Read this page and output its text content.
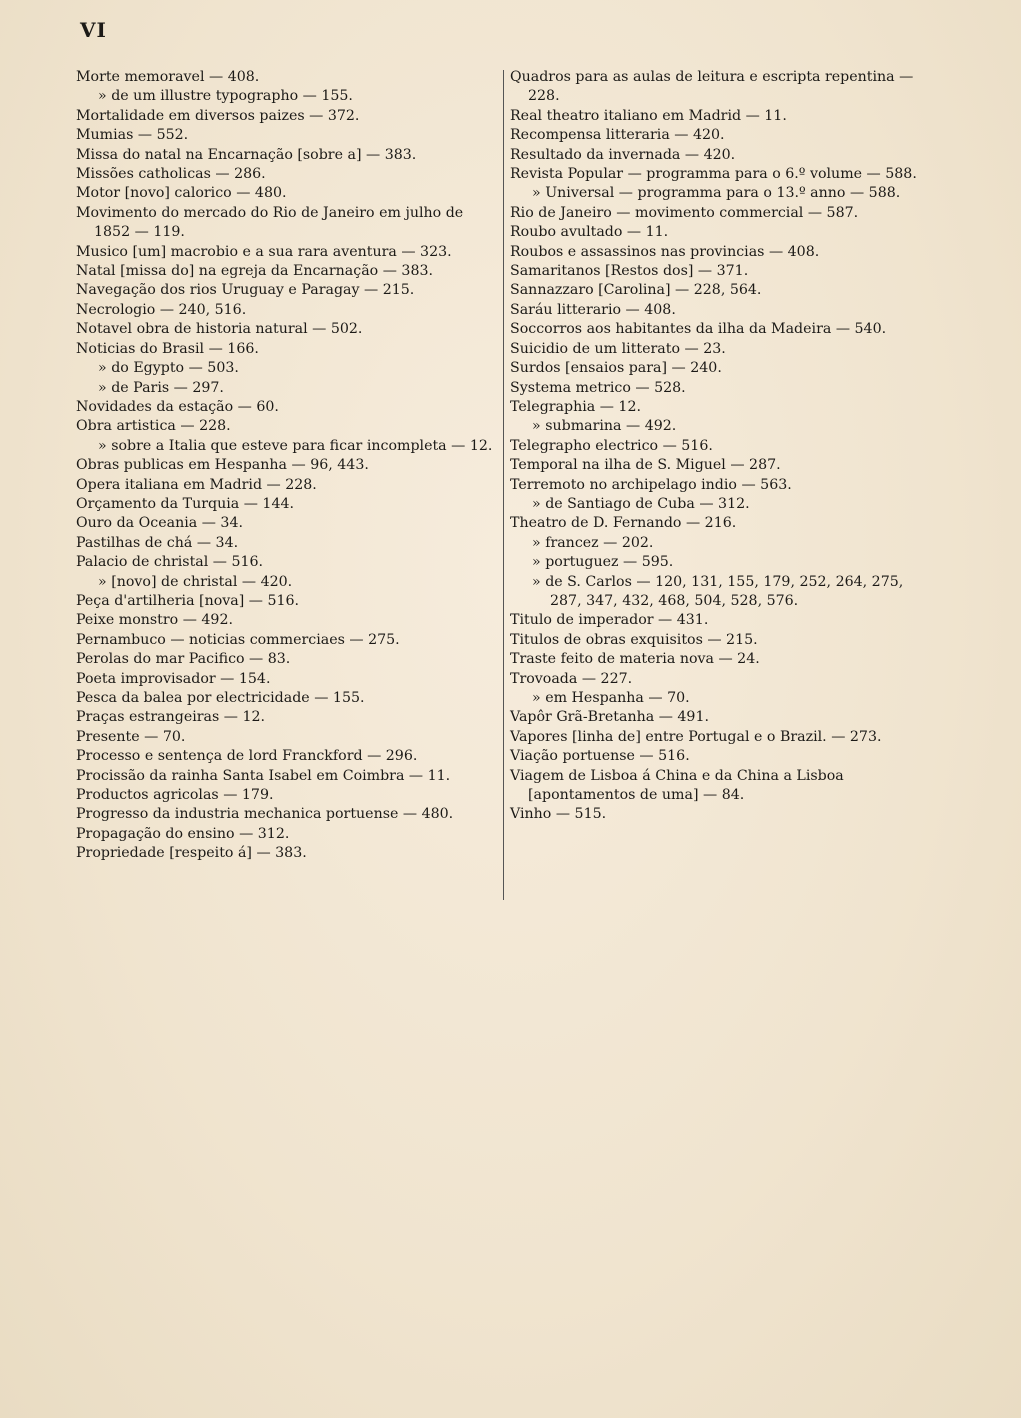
VI

Morte memoravel — 408.

» de um illustre typographo — 155.

Mortalidade em diversos paizes — 372.

Mumias — 552.

Missa do natal na Encarnação [sobre a] — 383.

Missões catholicas — 286.

Motor [novo] calorico — 480.

Movimento do mercado do Rio de Janeiro em julho de 1852 — 119.

Musico [um] macrobio e a sua rara aventura — 323.

Natal [missa do] na egreja da Encarnação — 383.

Navegação dos rios Uruguay e Paragay — 215.

Necrologio — 240, 516.

Notavel obra de historia natural — 502.

Noticias do Brasil — 166.

» do Egypto — 503.

» de Paris — 297.

Novidades da estação — 60.

Obra artistica — 228.

» sobre a Italia que esteve para ficar incompleta — 12.

Obras publicas em Hespanha — 96, 443.

Opera italiana em Madrid — 228.

Orçamento da Turquia — 144.

Ouro da Oceania — 34.

Pastilhas de chá — 34.

Palacio de christal — 516.

» [novo] de christal — 420.

Peça d'artilheria [nova] — 516.

Peixe monstro — 492.

Pernambuco — noticias commerciaes — 275.

Perolas do mar Pacifico — 83.

Poeta improvisador — 154.

Pesca da balea por electricidade — 155.

Praças estrangeiras — 12.

Presente — 70.

Processo e sentença de lord Franckford — 296.

Procissão da rainha Santa Isabel em Coimbra — 11.

Productos agricolas — 179.

Progresso da industria mechanica portuense — 480.

Propagação do ensino — 312.

Propriedade [respeito á] — 383.

Quadros para as aulas de leitura e escripta repentina — 228.

Real theatro italiano em Madrid — 11.

Recompensa litteraria — 420.

Resultado da invernada — 420.

Revista Popular — programma para o 6.º volume — 588.

» Universal — programma para o 13.º anno — 588.

Rio de Janeiro — movimento commercial — 587.

Roubo avultado — 11.

Roubos e assassinos nas provincias — 408.

Samaritanos [Restos dos] — 371.

Sannazzaro [Carolina] — 228, 564.

Saráu litterario — 408.

Soccorros aos habitantes da ilha da Madeira — 540.

Suicidio de um litterato — 23.

Surdos [ensaios para] — 240.

Systema metrico — 528.

Telegraphia — 12.

» submarina — 492.

Telegrapho electrico — 516.

Temporal na ilha de S. Miguel — 287.

Terremoto no archipelago indio — 563.

» de Santiago de Cuba — 312.

Theatro de D. Fernando — 216.

» francez — 202.

» portuguez — 595.

» de S. Carlos — 120, 131, 155, 179, 252, 264, 275, 287, 347, 432, 468, 504, 528, 576.

Titulo de imperador — 431.

Titulos de obras exquisitos — 215.

Traste feito de materia nova — 24.

Trovoada — 227.

» em Hespanha — 70.

Vapôr Grã-Bretanha — 491.

Vapores [linha de] entre Portugal e o Brazil. — 273.

Viação portuense — 516.

Viagem de Lisboa á China e da China a Lisboa [apontamentos de uma] — 84.

Vinho — 515.
